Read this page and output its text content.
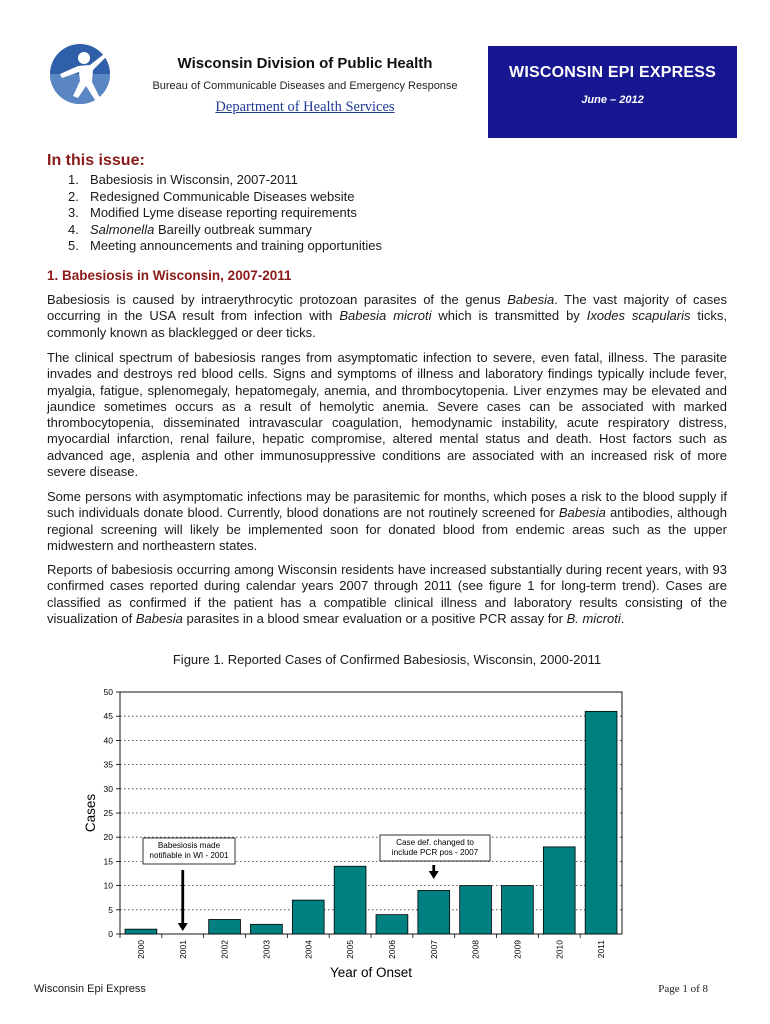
Wisconsin Division of Public Health
Bureau of Communicable Diseases and Emergency Response
Department of Health Services
WISCONSIN EPI EXPRESS
June – 2012
In this issue:
1. Babesiosis in Wisconsin, 2007-2011
2. Redesigned Communicable Diseases website
3. Modified Lyme disease reporting requirements
4. Salmonella Bareilly outbreak summary
5. Meeting announcements and training opportunities
1. Babesiosis in Wisconsin, 2007-2011

Babesiosis is caused by intraerythrocytic protozoan parasites of the genus Babesia. The vast majority of cases occurring in the USA result from infection with Babesia microti which is transmitted by Ixodes scapularis ticks, commonly known as blacklegged or deer ticks.

The clinical spectrum of babesiosis ranges from asymptomatic infection to severe, even fatal, illness. The parasite invades and destroys red blood cells. Signs and symptoms of illness and laboratory findings typically include fever, myalgia, fatigue, splenomegaly, hepatomegaly, anemia, and thrombocytopenia. Liver enzymes may be elevated and jaundice sometimes occurs as a result of hemolytic anemia. Severe cases can be associated with marked thrombocytopenia, disseminated intravascular coagulation, hemodynamic instability, acute respiratory distress, myocardial infarction, renal failure, hepatic compromise, altered mental status and death. Host factors such as advanced age, asplenia and other immunosuppressive conditions are associated with an increased risk of more severe disease.

Some persons with asymptomatic infections may be parasitemic for months, which poses a risk to the blood supply if such individuals donate blood. Currently, blood donations are not routinely screened for Babesia antibodies, although regional screening will likely be implemented soon for donated blood from endemic areas such as the upper midwestern and northeastern states.

Reports of babesiosis occurring among Wisconsin residents have increased substantially during recent years, with 93 confirmed cases reported during calendar years 2007 through 2011 (see figure 1 for long-term trend). Cases are classified as confirmed if the patient has a compatible clinical illness and laboratory results consisting of the visualization of Babesia parasites in a blood smear evaluation or a positive PCR assay for B. microti.

Figure 1. Reported Cases of Confirmed Babesiosis, Wisconsin, 2000-2011
0
5
10
15
20
25
30
35
40
45
50
2000	2001	2002	2003	2004	2005	2006	2007	2008	2009	2010	2011
Cases
Year of Onset
Babesiosis made
notifiable in WI - 2001
Case def. changed to
include PCR pos - 2007
Wisconsin Epi Express	Page 1 of 8
